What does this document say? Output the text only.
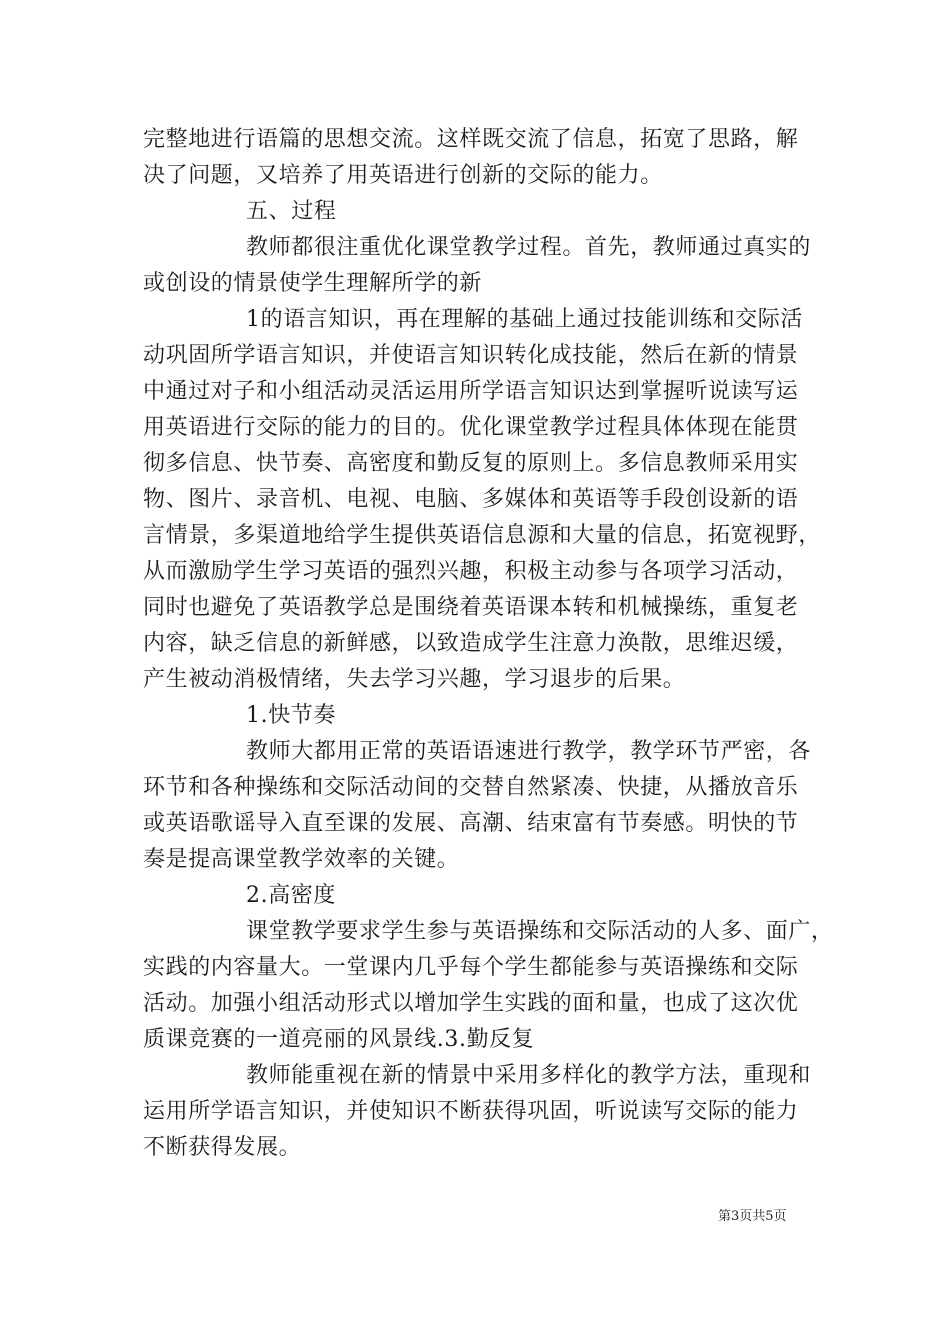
完整地进行语篇的思想交流。这样既交流了信息，拓宽了思路，解
决了问题，又培养了用英语进行创新的交际的能力。
五、过程
教师都很注重优化课堂教学过程。首先，教师通过真实的
或创设的情景使学生理解所学的新
1的语言知识，再在理解的基础上通过技能训练和交际活
动巩固所学语言知识，并使语言知识转化成技能，然后在新的情景
中通过对子和小组活动灵活运用所学语言知识达到掌握听说读写运
用英语进行交际的能力的目的。优化课堂教学过程具体体现在能贯
彻多信息、快节奏、高密度和勤反复的原则上。多信息教师采用实
物、图片、录音机、电视、电脑、多媒体和英语等手段创设新的语
言情景，多渠道地给学生提供英语信息源和大量的信息，拓宽视野，
从而激励学生学习英语的强烈兴趣，积极主动参与各项学习活动，
同时也避免了英语教学总是围绕着英语课本转和机械操练，重复老
内容，缺乏信息的新鲜感，以致造成学生注意力涣散，思维迟缓，
产生被动消极情绪，失去学习兴趣，学习退步的后果。
1.快节奏
教师大都用正常的英语语速进行教学，教学环节严密，各
环节和各种操练和交际活动间的交替自然紧凑、快捷，从播放音乐
或英语歌谣导入直至课的发展、高潮、结束富有节奏感。明快的节
奏是提高课堂教学效率的关键。
2.高密度
课堂教学要求学生参与英语操练和交际活动的人多、面广，
实践的内容量大。一堂课内几乎每个学生都能参与英语操练和交际
活动。加强小组活动形式以增加学生实践的面和量，也成了这次优
质课竞赛的一道亮丽的风景线.3.勤反复
教师能重视在新的情景中采用多样化的教学方法，重现和
运用所学语言知识，并使知识不断获得巩固，听说读写交际的能力
不断获得发展。
第3页共5页
